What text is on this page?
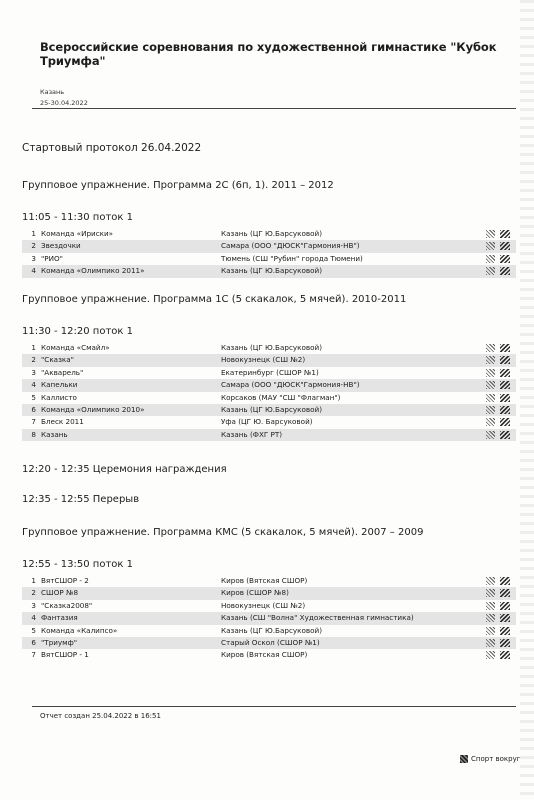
Всероссийские соревнования по художественной гимнастике "Кубок Триумфа"
Казань
25-30.04.2022
Стартовый протокол 26.04.2022
Групповое упражнение. Программа 2С (6п, 1). 2011 – 2012
11:05 - 11:30 поток 1
1 Команда «Ириски»	Казань (ЦГ Ю.Барсуковой)
2 Звездочки	Самара (ООО "ДЮСК"Гармония-НВ")
3 "РИО"	Тюмень (СШ "Рубин" города Тюмени)
4 Команда «Олимпико 2011»	Казань (ЦГ Ю.Барсуковой)
Групповое упражнение. Программа 1С (5 скакалок, 5 мячей). 2010-2011
11:30 - 12:20 поток 1
1 Команда «Смайл»	Казань (ЦГ Ю.Барсуковой)
2 "Сказка"	Новокузнецк (СШ №2)
3 "Акварель"	Екатеринбург (СШОР №1)
4 Капельки	Самара (ООО "ДЮСК"Гармония-НВ")
5 Каллисто	Корсаков (МАУ "СШ "Флагман")
6 Команда «Олимпико 2010»	Казань (ЦГ Ю.Барсуковой)
7 Блеск 2011	Уфа (ЦГ Ю. Барсуковой)
8 Казань	Казань (ФХГ РТ)
12:20 - 12:35 Церемония награждения
12:35 - 12:55 Перерыв
Групповое упражнение. Программа КМС (5 скакалок, 5 мячей). 2007 – 2009
12:55 - 13:50 поток 1
1 ВятСШОР - 2	Киров (Вятская СШОР)
2 СШОР №8	Киров (СШОР №8)
3 "Сказка2008"	Новокузнецк (СШ №2)
4 Фантазия	Казань (СШ "Волна" Художественная гимнастика)
5 Команда «Калипсо»	Казань (ЦГ Ю.Барсуковой)
6 "Триумф"	Старый Оскол (СШОР №1)
7 ВятСШОР - 1	Киров (Вятская СШОР)
Отчет создан 25.04.2022 в 16:51
Спорт вокруг
